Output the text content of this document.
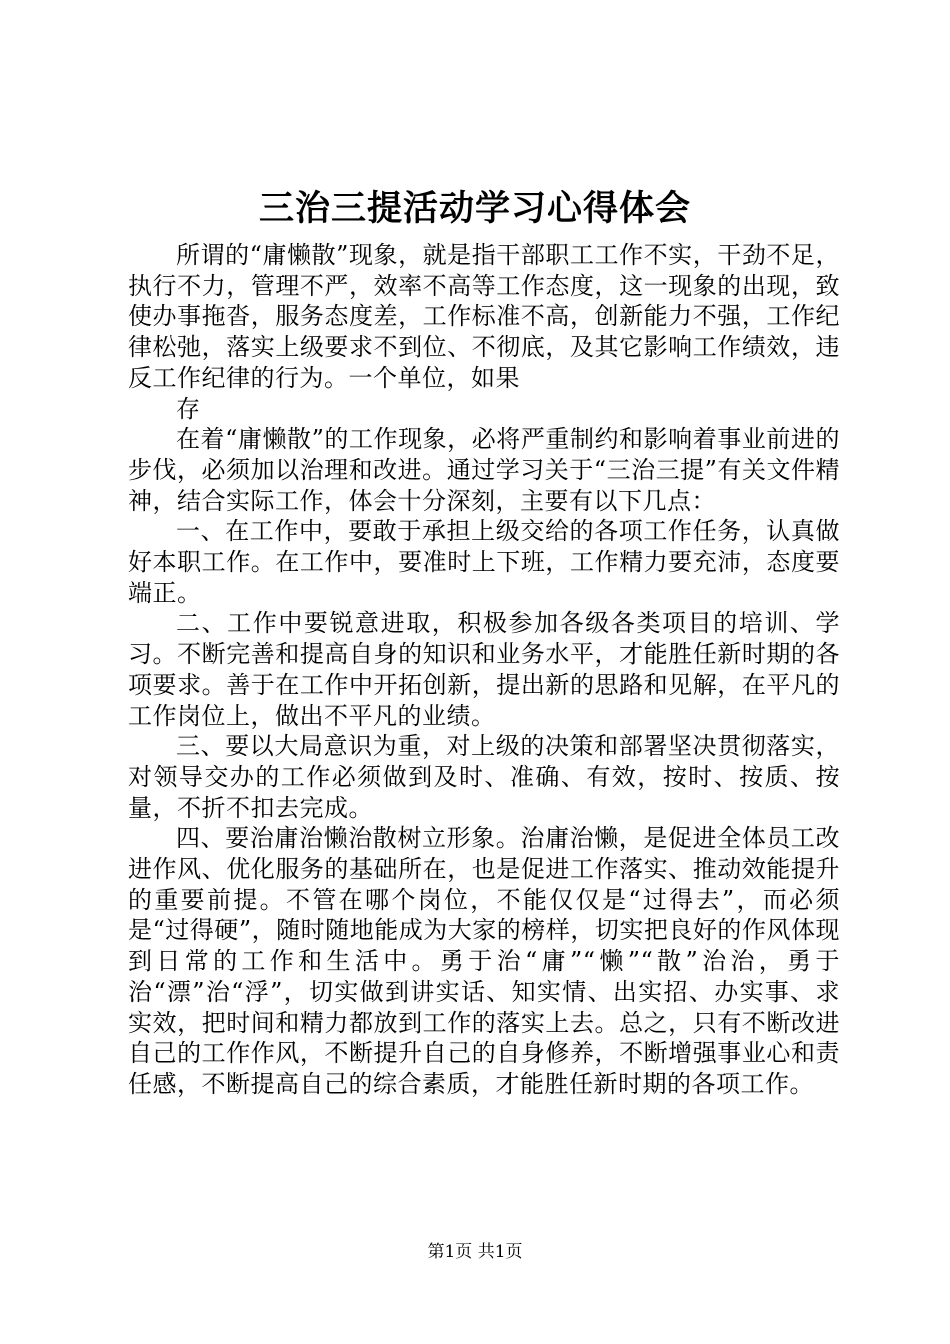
三治三提活动学习心得体会

所谓的“庸懒散”现象，就是指干部职工工作不实，干劲不足，执行不力，管理不严，效率不高等工作态度，这一现象的出现，致使办事拖沓，服务态度差，工作标准不高，创新能力不强，工作纪律松弛，落实上级要求不到位、不彻底，及其它影响工作绩效，违反工作纪律的行为。一个单位，如果

存

在着“庸懒散”的工作现象，必将严重制约和影响着事业前进的步伐，必须加以治理和改进。通过学习关于“三治三提”有关文件精神，结合实际工作，体会十分深刻，主要有以下几点：

一、在工作中，要敢于承担上级交给的各项工作任务，认真做好本职工作。在工作中，要准时上下班，工作精力要充沛，态度要端正。

二、工作中要锐意进取，积极参加各级各类项目的培训、学习。不断完善和提高自身的知识和业务水平，才能胜任新时期的各项要求。善于在工作中开拓创新，提出新的思路和见解，在平凡的工作岗位上，做出不平凡的业绩。

三、要以大局意识为重，对上级的决策和部署坚决贯彻落实，对领导交办的工作必须做到及时、准确、有效，按时、按质、按量，不折不扣去完成。

四、要治庸治懒治散树立形象。治庸治懒，是促进全体员工改进作风、优化服务的基础所在，也是促进工作落实、推动效能提升的重要前提。不管在哪个岗位，不能仅仅是“过得去”，而必须是“过得硬”，随时随地能成为大家的榜样，切实把良好的作风体现到日常的工作和生活中。勇于治“庸”“懒”“散”治治，勇于治“漂”治“浮”，切实做到讲实话、知实情、出实招、办实事、求实效，把时间和精力都放到工作的落实上去。总之，只有不断改进自己的工作作风，不断提升自己的自身修养，不断增强事业心和责任感，不断提高自己的综合素质，才能胜任新时期的各项工作。

第1页 共1页
